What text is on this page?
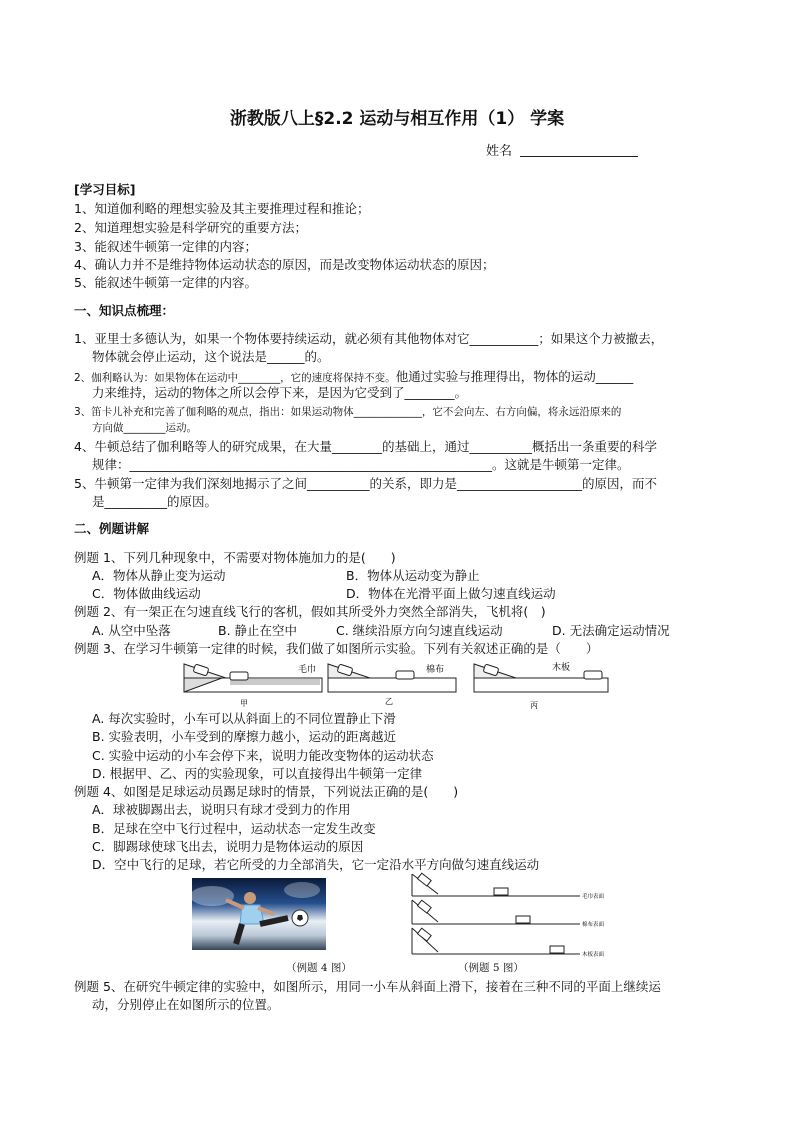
浙教版八上§2.2 运动与相互作用（1） 学案
姓名
[学习目标]
1、知道伽利略的理想实验及其主要推理过程和推论；
2、知道理想实验是科学研究的重要方法；
3、能叙述牛顿第一定律的内容；
4、确认力并不是维持物体运动状态的原因，而是改变物体运动状态的原因；
5、能叙述牛顿第一定律的内容。
一、知识点梳理：
1、亚里士多德认为，如果一个物体要持续运动，就必须有其他物体对它___________；如果这个力被撤去，
物体就会停止运动，这个说法是______的。
2、伽利略认为：如果物体在运动中________，它的速度将保持不变。他通过实验与推理得出，物体的运动______
力来维持，运动的物体之所以会停下来，是因为它受到了________。
3、笛卡儿补充和完善了伽利略的观点，指出：如果运动物体_____________，它不会向左、右方向偏，将永远沿原来的
方向做________运动。
4、牛顿总结了伽利略等人的研究成果，在大量________的基础上，通过__________概括出一条重要的科学
规律：__________________________________________________________。这就是牛顿第一定律。
5、牛顿第一定律为我们深刻地揭示了之间__________的关系，即力是____________________的原因，而不
是__________的原因。
二、例题讲解
例题 1、下列几种现象中，不需要对物体施加力的是(　　)
A．物体从静止变为运动	B．物体从运动变为静止
C．物体做曲线运动	D．物体在光滑平面上做匀速直线运动
例题 2、有一架正在匀速直线飞行的客机，假如其所受外力突然全部消失，飞机将(　)
A. 从空中坠落	B. 静止在空中	C. 继续沿原方向匀速直线运动	D. 无法确定运动情况
例题 3、在学习牛顿第一定律的时候，我们做了如图所示实验。下列有关叙述正确的是（　　）
毛巾	棉布	木板
甲	乙	丙
A. 每次实验时，小车可以从斜面上的不同位置静止下滑
B. 实验表明，小车受到的摩擦力越小，运动的距离越近
C. 实验中运动的小车会停下来，说明力能改变物体的运动状态
D. 根据甲、乙、丙的实验现象，可以直接得出牛顿第一定律
例题 4、如图是足球运动员踢足球时的情景，下列说法正确的是(　　)
A．球被脚踢出去，说明只有球才受到力的作用
B．足球在空中飞行过程中，运动状态一定发生改变
C．脚踢球使球飞出去，说明力是物体运动的原因
D．空中飞行的足球，若它所受的力全部消失，它一定沿水平方向做匀速直线运动
（例题 4 图）
毛巾表面
棉布表面
木板表面
（例题 5 图）
例题 5、在研究牛顿定律的实验中，如图所示，用同一小车从斜面上滑下，接着在三种不同的平面上继续运
动，分别停止在如图所示的位置。
